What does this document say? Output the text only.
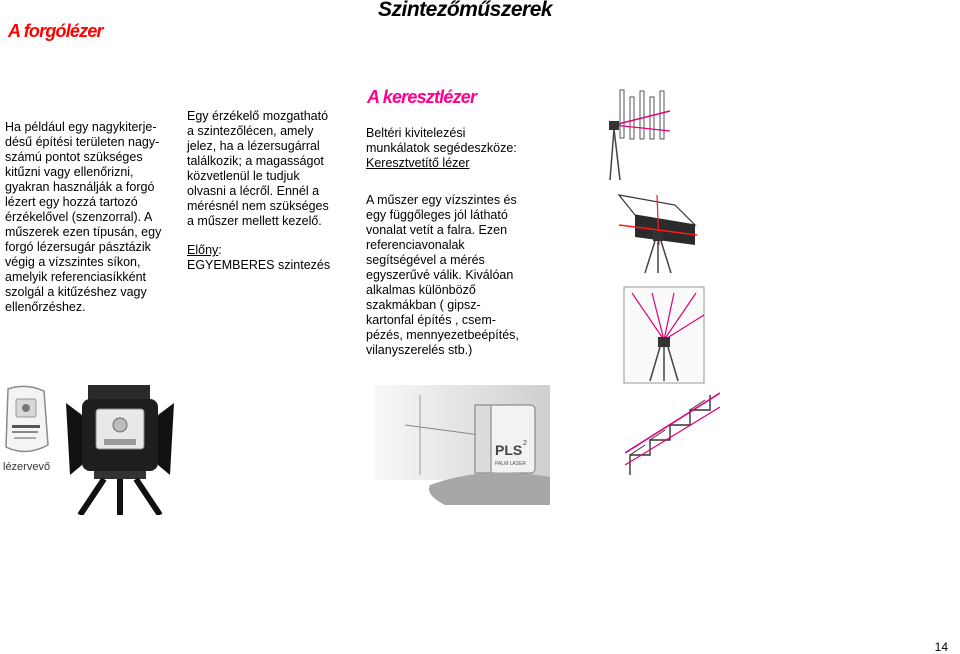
Szintezőműszerek
A forgólézer
A keresztlézer

Ha például egy nagykiterje-
désű építési területen nagy-
számú pontot szükséges
kitűzni vagy ellenőrizni,
gyakran használják a forgó
lézert egy hozzá tartozó
érzékelővel (szenzorral). A
műszerek ezen típusán, egy
forgó lézersugár pásztázik
végig a vízszintes síkon,
amelyik referenciasíkként
szolgál a kitűzéshez vagy
ellenőrzéshez.

Egy érzékelő mozgatható
a szintezőlécen, amely
jelez, ha a lézersugárral
találkozik; a magasságot
közvetlenül le tudjuk
olvasni a lécről. Ennél a
mérésnél nem szükséges
a műszer mellett kezelő.

Előny:

EGYEMBERES szintezés

Beltéri kivitelezési
munkálatok segédeszköze:

Keresztvetítő lézer

A műszer egy vízszintes és
egy függőleges jól látható
vonalat vetít a falra. Ezen
referenciavonalak
segítségével a mérés
egyszerűvé válik. Kiválóan
alkalmas különböző
szakmákban ( gipsz-
kartonfal építés , csem-
pézés, mennyezetbeépítés,
vilanyszerelés stb.)

lézervevő
PLS 2
PALM LASER
14
